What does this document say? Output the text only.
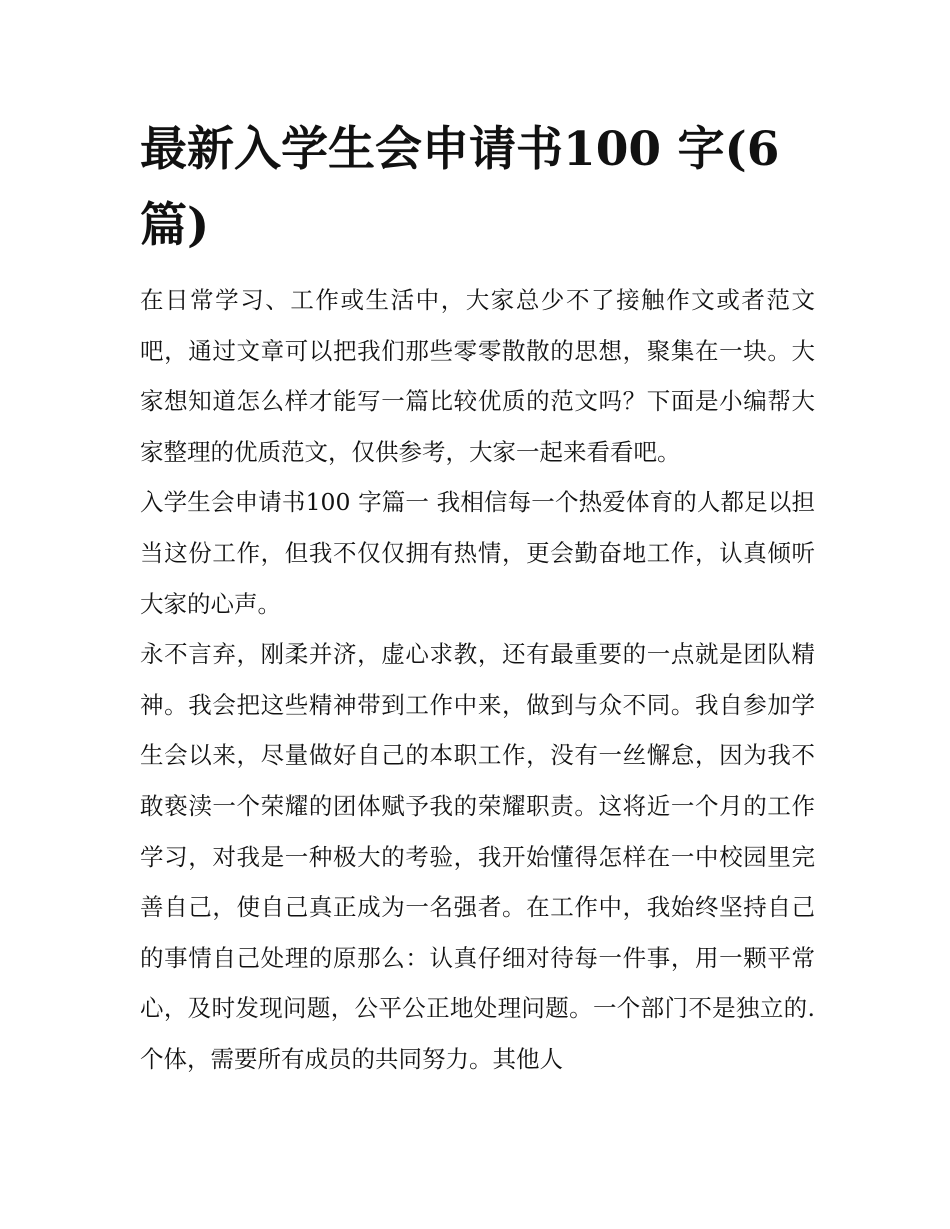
最新入学生会申请书100 字(6 篇)

在日常学习、工作或生活中，大家总少不了接触作文或者范文吧，通过文章可以把我们那些零零散散的思想，聚集在一块。大家想知道怎么样才能写一篇比较优质的范文吗？下面是小编帮大家整理的优质范文，仅供参考，大家一起来看看吧。

入学生会申请书100 字篇一 我相信每一个热爱体育的人都足以担当这份工作，但我不仅仅拥有热情，更会勤奋地工作，认真倾听大家的心声。

永不言弃，刚柔并济，虚心求教，还有最重要的一点就是团队精神。我会把这些精神带到工作中来，做到与众不同。我自参加学生会以来，尽量做好自己的本职工作，没有一丝懈怠，因为我不敢亵渎一个荣耀的团体赋予我的荣耀职责。这将近一个月的工作学习，对我是一种极大的考验，我开始懂得怎样在一中校园里完善自己，使自己真正成为一名强者。在工作中，我始终坚持自己的事情自己处理的原那么：认真仔细对待每一件事，用一颗平常心，及时发现问题，公平公正地处理问题。一个部门不是独立的.个体，需要所有成员的共同努力。其他人
